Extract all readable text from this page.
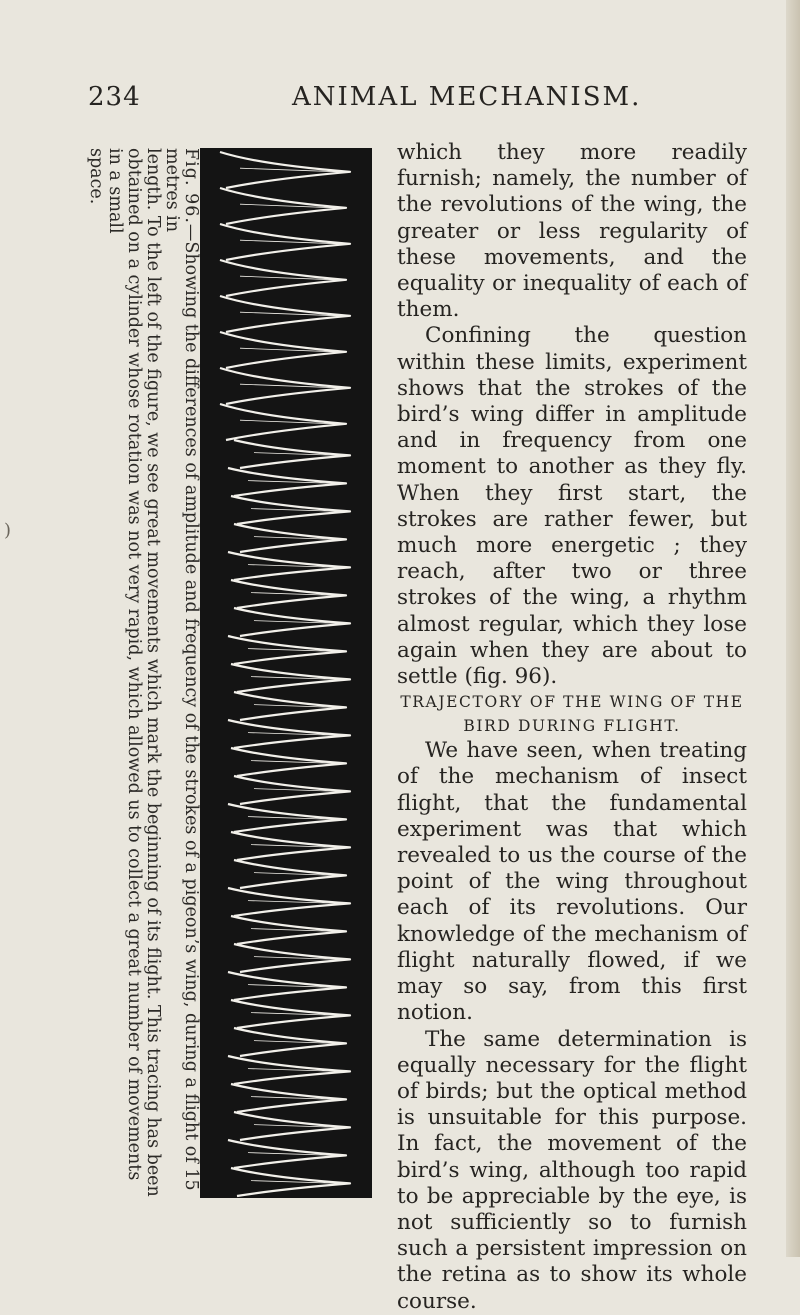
)
234	ANIMAL MECHANISM.

Fig. 96.—Showing the differences of amplitude and frequency of the strokes of a pigeon’s wing, during a flight of 15 metres in

length. To the left of the figure, we see great movements which mark the beginning of its flight. This tracing has been

obtained on a cylinder whose rotation was not very rapid, which allowed us to collect a great number of movements in a small

space.	which they more readily furnish; namely, the number of the revolutions of the wing, the greater or less regularity of these movements, and the equality or inequality of each of them.

Confining the question within these limits, experiment shows that the strokes of the bird’s wing differ in amplitude and in frequency from one moment to another as they fly. When they first start, the strokes are rather fewer, but much more energetic ; they reach, after two or three strokes of the wing, a rhythm almost regular, which they lose again when they are about to settle (fig. 96).

TRAJECTORY OF THE WING OF THE BIRD DURING FLIGHT.

We have seen, when treating of the mechanism of insect flight, that the fundamental experiment was that which revealed to us the course of the point of the wing throughout each of its revolutions. Our knowledge of the mechanism of flight naturally flowed, if we may so say, from this first notion.

The same determination is equally necessary for the flight of birds; but the optical method is unsuitable for this purpose. In fact, the movement of the bird’s wing, although too rapid to be appreciable by the eye, is not sufficiently so to furnish such a persistent impression on the retina as to show its whole course.
